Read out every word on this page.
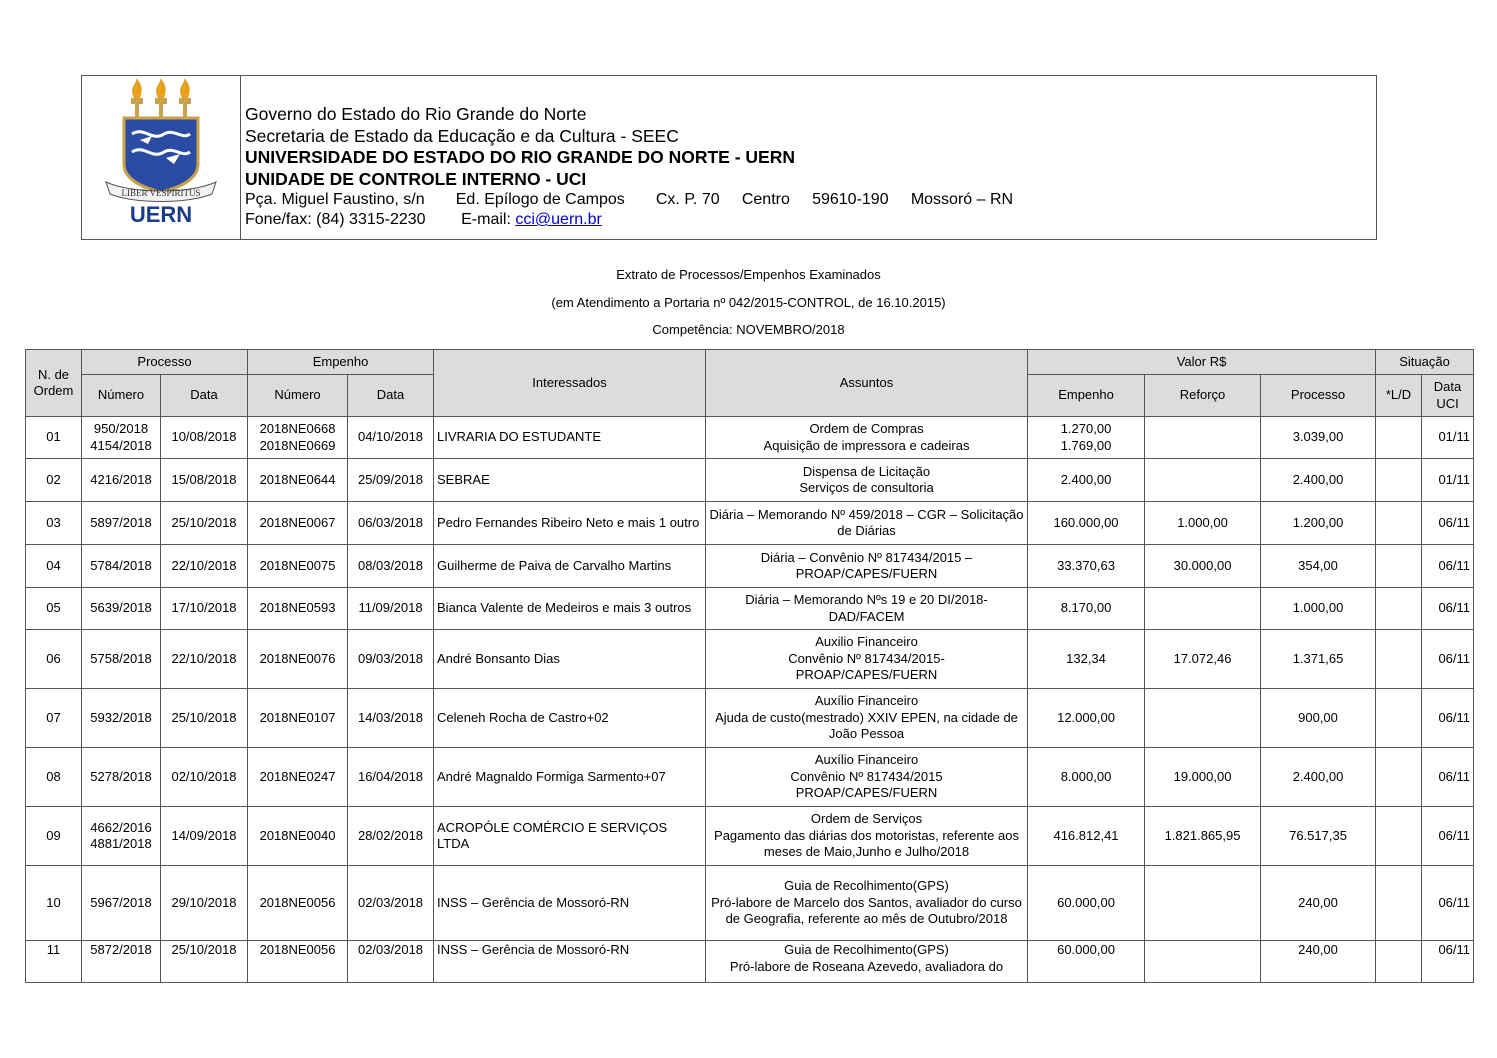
LIBER VESPIRITUS
UERN
Governo do Estado do Rio Grande do Norte
Secretaria de Estado da Educação e da Cultura - SEEC
UNIVERSIDADE DO ESTADO DO RIO GRANDE DO NORTE - UERN
UNIDADE DE CONTROLE INTERNO - UCI
Pça. Miguel Faustino, s/n       Ed. Epílogo de Campos       Cx. P. 70     Centro     59610-190     Mossoró – RN
Fone/fax: (84) 3315-2230        E-mail: cci@uern.br
Extrato de Processos/Empenhos Examinados
(em Atendimento a Portaria nº 042/2015-CONTROL, de 16.10.2015)
Competência: NOVEMBRO/2018
N. de Ordem	Processo		Empenho		Interessados	Assuntos	Valor R$			Situação	
	Número	Data	Número	Data			Empenho	Reforço	Processo	*L/D	Data UCI
01	950/2018
4154/2018	10/08/2018	2018NE0668
2018NE0669	04/10/2018	LIVRARIA DO ESTUDANTE	Ordem de Compras
Aquisição de impressora e cadeiras	1.270,00
1.769,00		3.039,00		01/11
02	4216/2018	15/08/2018	2018NE0644	25/09/2018	SEBRAE	Dispensa de Licitação
Serviços de consultoria	2.400,00		2.400,00		01/11
03	5897/2018	25/10/2018	2018NE0067	06/03/2018	Pedro Fernandes Ribeiro Neto e mais 1 outro	Diária – Memorando Nº 459/2018 – CGR – Solicitação de Diárias	160.000,00	1.000,00	1.200,00		06/11
04	5784/2018	22/10/2018	2018NE0075	08/03/2018	Guilherme de Paiva de Carvalho Martins	Diária – Convênio Nº 817434/2015 – PROAP/CAPES/FUERN	33.370,63	30.000,00	354,00		06/11
05	5639/2018	17/10/2018	2018NE0593	11/09/2018	Bianca Valente de Medeiros e mais 3 outros	Diária – Memorando Nºs 19 e 20 DI/2018-DAD/FACEM	8.170,00		1.000,00		06/11
06	5758/2018	22/10/2018	2018NE0076	09/03/2018	André Bonsanto Dias	Auxilio Financeiro
Convênio Nº 817434/2015-
PROAP/CAPES/FUERN	132,34	17.072,46	1.371,65		06/11
07	5932/2018	25/10/2018	2018NE0107	14/03/2018	Celeneh Rocha de Castro+02	Auxílio Financeiro
Ajuda de custo(mestrado) XXIV EPEN, na cidade de João Pessoa	12.000,00		900,00		06/11
08	5278/2018	02/10/2018	2018NE0247	16/04/2018	André Magnaldo Formiga Sarmento+07	Auxílio Financeiro
Convênio Nº 817434/2015
PROAP/CAPES/FUERN	8.000,00	19.000,00	2.400,00		06/11
09	4662/2016
4881/2018	14/09/2018	2018NE0040	28/02/2018	ACROPÓLE COMÉRCIO E SERVIÇOS LTDA	Ordem de Serviços
Pagamento das diárias dos motoristas, referente aos meses de Maio,Junho e Julho/2018	416.812,41	1.821.865,95	76.517,35		06/11
10	5967/2018	29/10/2018	2018NE0056	02/03/2018	INSS – Gerência de Mossoró-RN	Guia de Recolhimento(GPS)
Pró-labore de Marcelo dos Santos, avaliador do curso de Geografia, referente ao mês de Outubro/2018	60.000,00		240,00		06/11
11	5872/2018	25/10/2018	2018NE0056	02/03/2018	INSS – Gerência de Mossoró-RN	Guia de Recolhimento(GPS)
Pró-labore de Roseana Azevedo, avaliadora do	60.000,00		240,00		06/11
